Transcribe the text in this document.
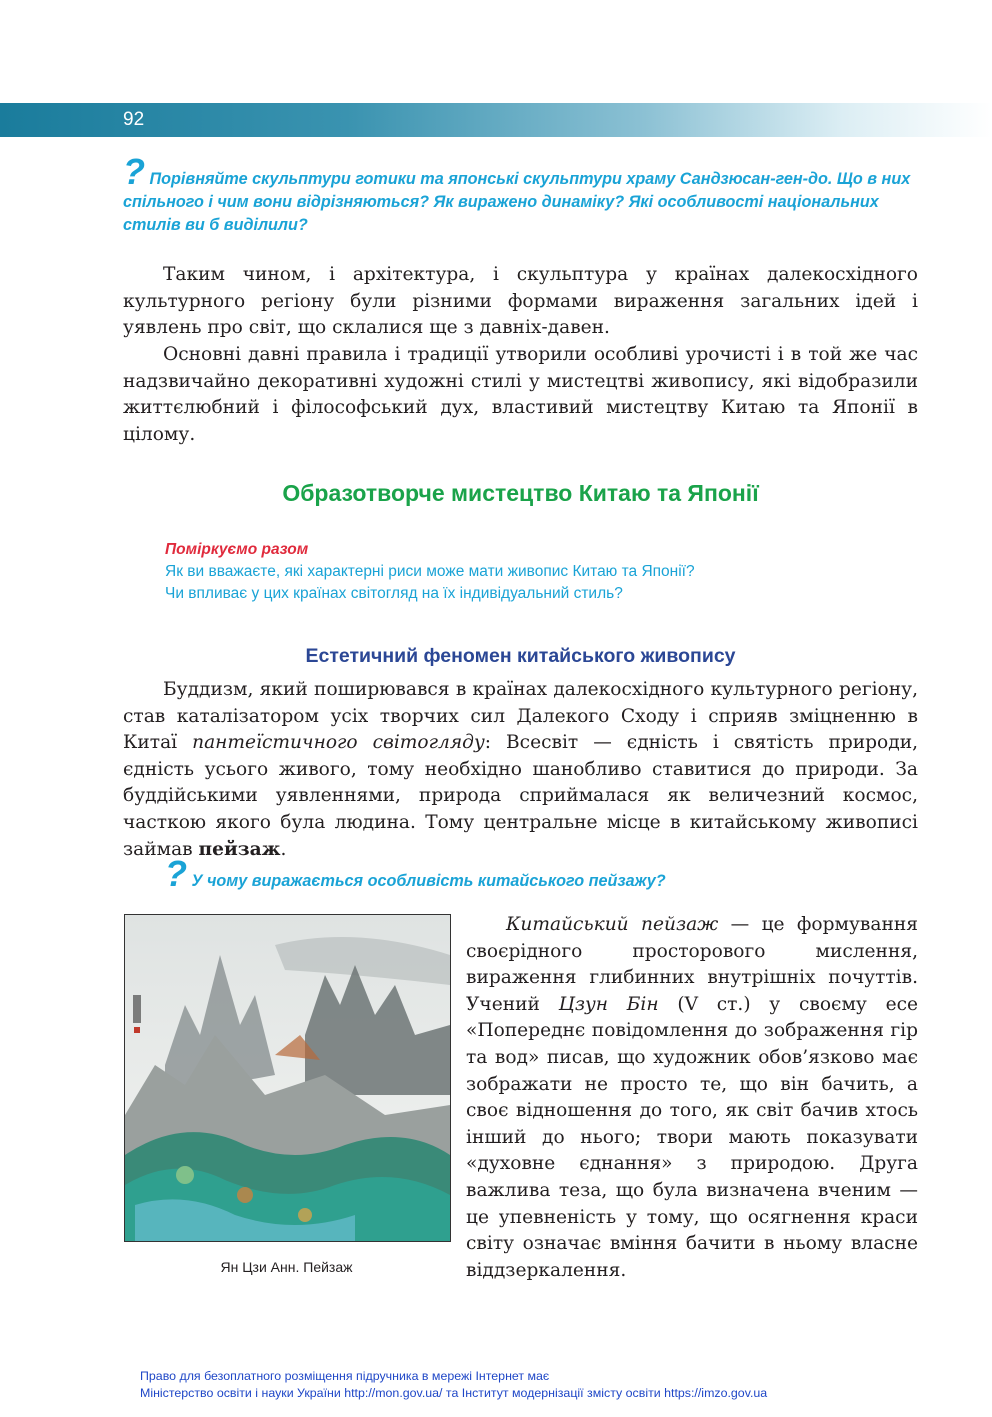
92
? Порівняйте скульптури готики та японські скульптури храму Сандзюсан-ген-до. Що в них спільного і чим вони відрізняються? Як виражено динаміку? Які особливості національних стилів ви б виділили?
Таким чином, і архітектура, і скульптура у країнах далекосхідного культурного регіону були різними формами вираження загальних ідей і уявлень про світ, що склалися ще з давніх-давен.
Основні давні правила і традиції утворили особливі урочисті і в той же час надзвичайно декоративні художні стилі у мистецтві живопису, які відобразили життєлюбний і філософський дух, властивий мистецтву Китаю та Японії в цілому.
Образотворче мистецтво Китаю та Японії
Поміркуємо разом
Як ви вважаєте, які характерні риси може мати живопис Китаю та Японії?
Чи впливає у цих країнах світогляд на їх індивідуальний стиль?
Естетичний феномен китайського живопису
Буддизм, який поширювався в країнах далекосхідного культурного регіону, став каталізатором усіх творчих сил Далекого Сходу і сприяв зміцненню в Китаї пантеїстичного світогляду: Всесвіт — єдність і святість природи, єдність усього живого, тому необхідно шанобливо ставитися до природи. За буддійськими уявленнями, природа сприймалася як величезний космос, часткою якого була людина. Тому центральне місце в китайському живописі займав пейзаж.
? У чому виражається особливість китайського пейзажу?
Ян Цзи Анн. Пейзаж
Китайський пейзаж — це формування своєрідного просторового мислення, вираження глибинних внутрішніх почуттів. Учений Цзун Бін (V ст.) у своєму есе «Попереднє повідомлення до зображення гір та вод» писав, що художник обов’язково має зображати не просто те, що він бачить, а своє відношення до того, як світ бачив хтось інший до нього; твори мають показувати «духовне єднання» з природою. Друга важлива теза, що була визначена вченим — це упевненість у тому, що осягнення краси світу означає вміння бачити в ньому власне віддзеркалення.
Право для безоплатного розміщення підручника в мережі Інтернет має
Міністерство освіти і науки України http://mon.gov.ua/ та Інститут модернізації змісту освіти https://imzo.gov.ua
